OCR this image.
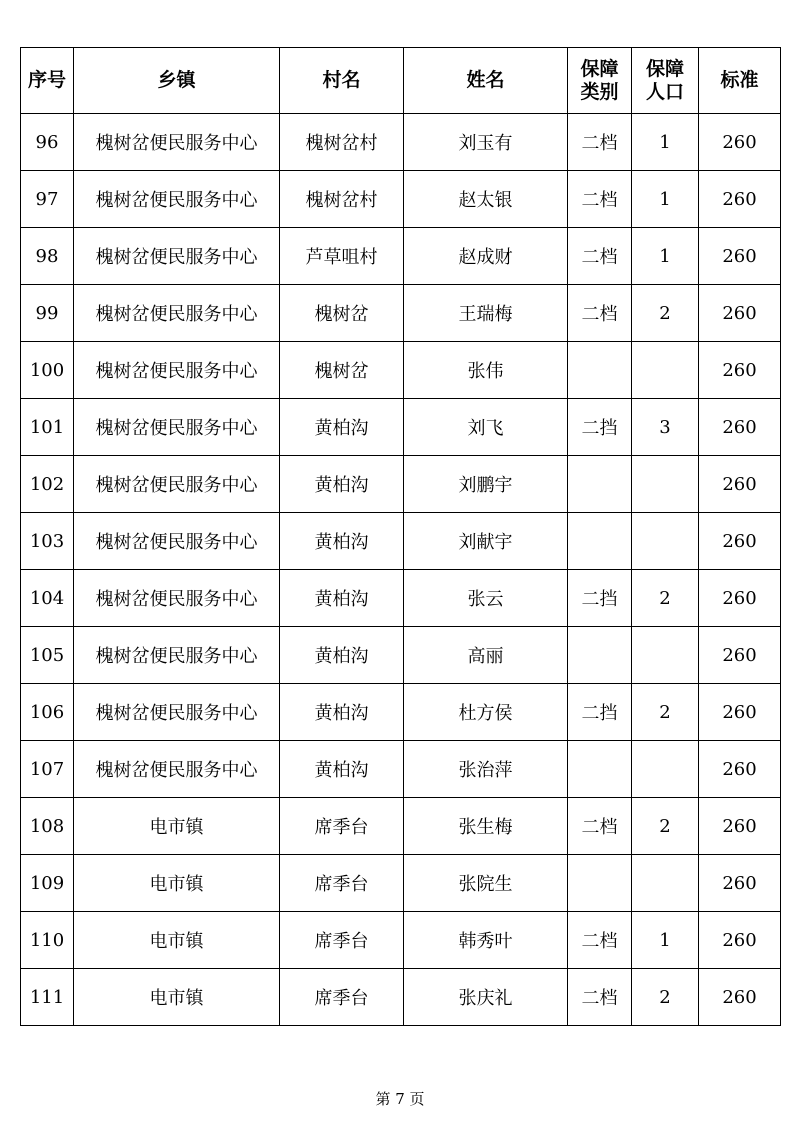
序号	乡镇	村名	姓名	保障类别	保障人口	标准
96	槐树岔便民服务中心	槐树岔村	刘玉有	二档	1	260
97	槐树岔便民服务中心	槐树岔村	赵太银	二档	1	260
98	槐树岔便民服务中心	芦草咀村	赵成财	二档	1	260
99	槐树岔便民服务中心	槐树岔	王瑞梅	二档	2	260
100	槐树岔便民服务中心	槐树岔	张伟			260
101	槐树岔便民服务中心	黄柏沟	刘飞	二挡	3	260
102	槐树岔便民服务中心	黄柏沟	刘鹏宇			260
103	槐树岔便民服务中心	黄柏沟	刘献宇			260
104	槐树岔便民服务中心	黄柏沟	张云	二挡	2	260
105	槐树岔便民服务中心	黄柏沟	高丽			260
106	槐树岔便民服务中心	黄柏沟	杜方侯	二挡	2	260
107	槐树岔便民服务中心	黄柏沟	张治萍			260
108	电市镇	席季台	张生梅	二档	2	260
109	电市镇	席季台	张院生			260
110	电市镇	席季台	韩秀叶	二档	1	260
111	电市镇	席季台	张庆礼	二档	2	260
第 7 页
